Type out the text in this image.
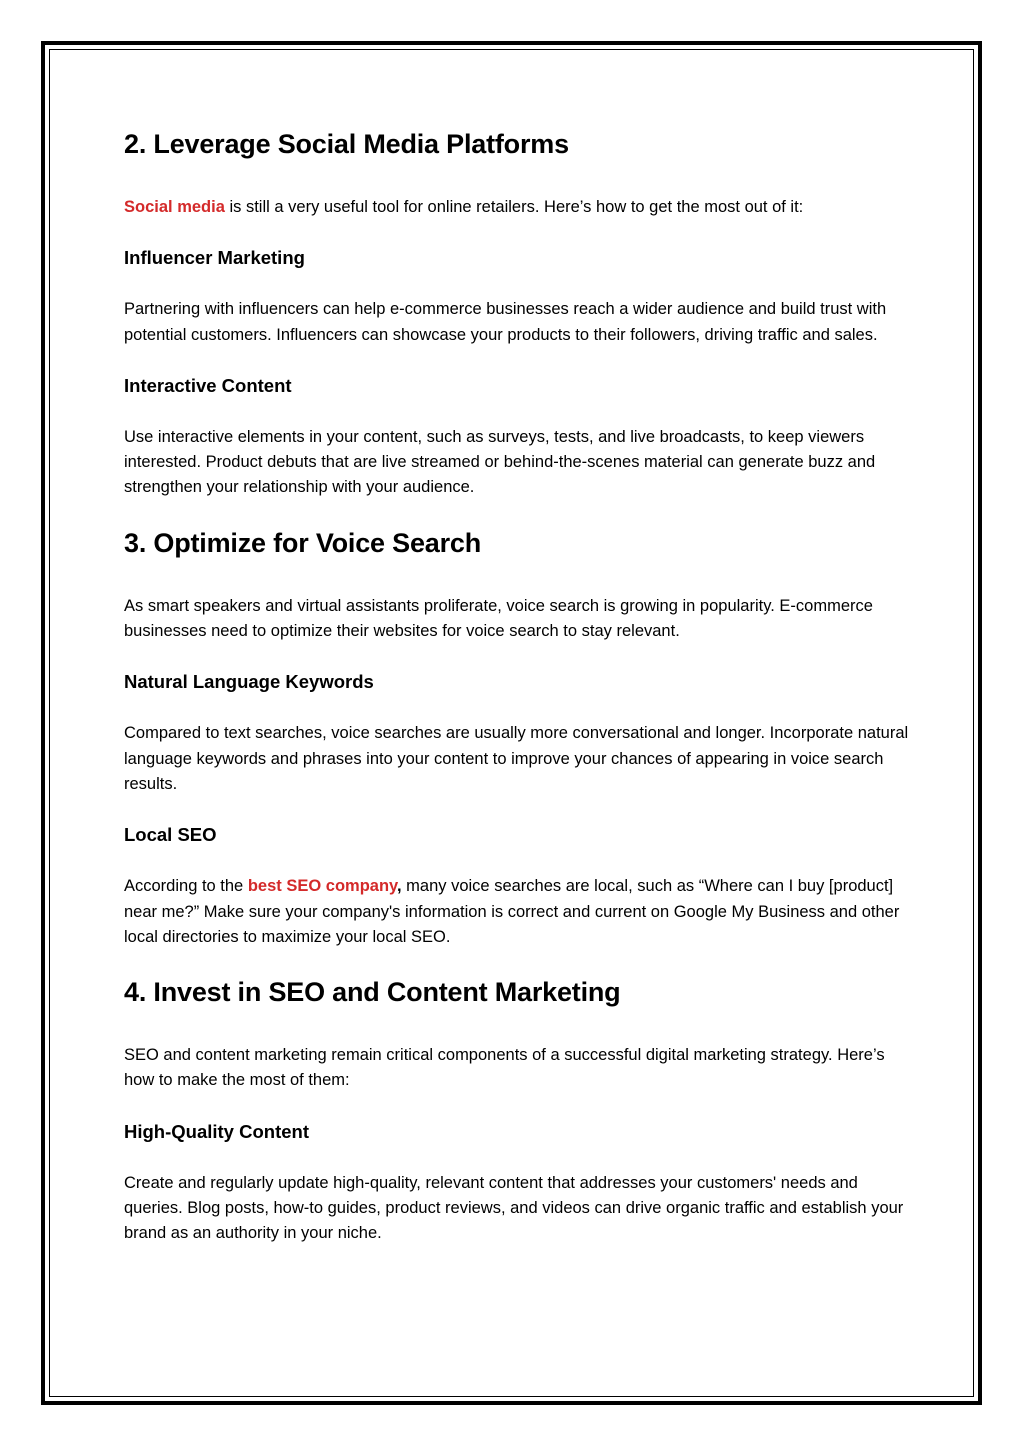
2. Leverage Social Media Platforms

Social media is still a very useful tool for online retailers. Here’s how to get the most out of it:

Influencer Marketing

Partnering with influencers can help e-commerce businesses reach a wider audience and build trust with potential customers. Influencers can showcase your products to their followers, driving traffic and sales.

Interactive Content

Use interactive elements in your content, such as surveys, tests, and live broadcasts, to keep viewers interested. Product debuts that are live streamed or behind-the-scenes material can generate buzz and strengthen your relationship with your audience.

3. Optimize for Voice Search

As smart speakers and virtual assistants proliferate, voice search is growing in popularity. E-commerce businesses need to optimize their websites for voice search to stay relevant.

Natural Language Keywords

Compared to text searches, voice searches are usually more conversational and longer. Incorporate natural language keywords and phrases into your content to improve your chances of appearing in voice search results.

Local SEO

According to the best SEO company, many voice searches are local, such as “Where can I buy [product] near me?” Make sure your company's information is correct and current on Google My Business and other local directories to maximize your local SEO.

4. Invest in SEO and Content Marketing

SEO and content marketing remain critical components of a successful digital marketing strategy. Here’s how to make the most of them:

High-Quality Content

Create and regularly update high-quality, relevant content that addresses your customers' needs and queries. Blog posts, how-to guides, product reviews, and videos can drive organic traffic and establish your brand as an authority in your niche.
